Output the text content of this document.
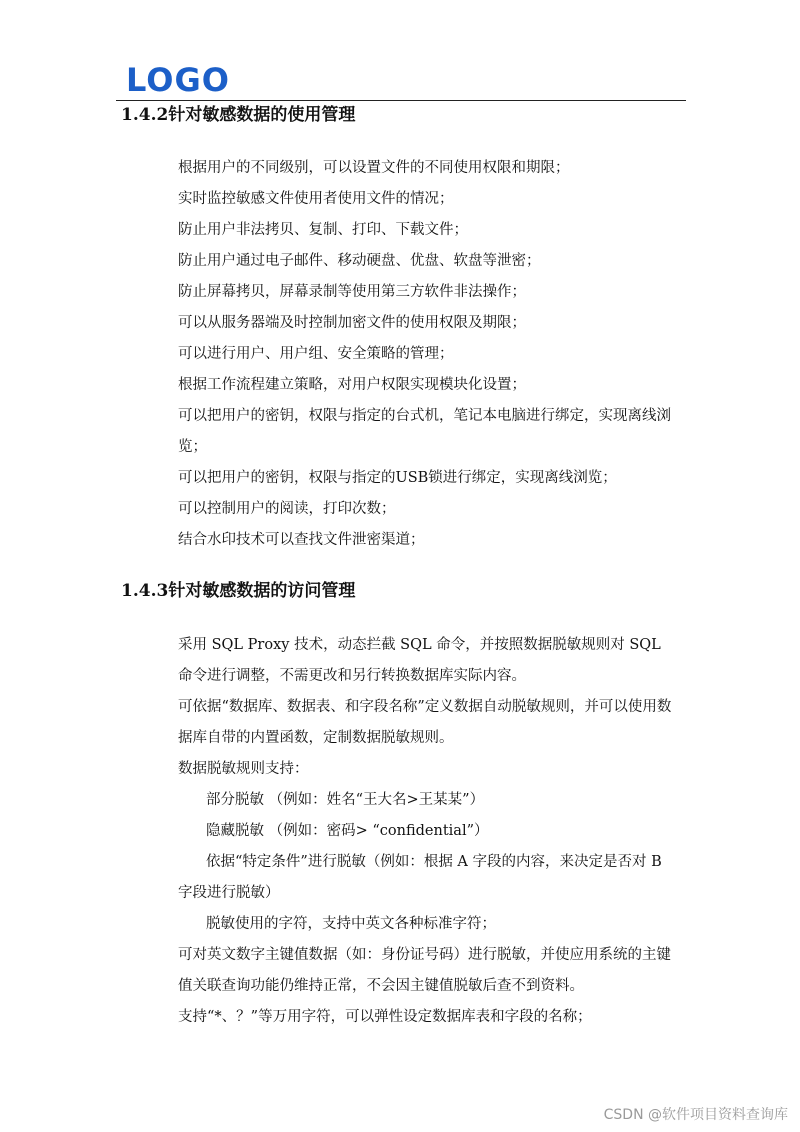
LOGO
1.4.2针对敏感数据的使用管理

根据用户的不同级别，可以设置文件的不同使用权限和期限；

实时监控敏感文件使用者使用文件的情况；

防止用户非法拷贝、复制、打印、下载文件；

防止用户通过电子邮件、移动硬盘、优盘、软盘等泄密；

防止屏幕拷贝，屏幕录制等使用第三方软件非法操作；

可以从服务器端及时控制加密文件的使用权限及期限；

可以进行用户、用户组、安全策略的管理；

根据工作流程建立策略，对用户权限实现模块化设置；

可以把用户的密钥，权限与指定的台式机，笔记本电脑进行绑定，实现离线浏览；

可以把用户的密钥，权限与指定的USB锁进行绑定，实现离线浏览；

可以控制用户的阅读，打印次数；

结合水印技术可以查找文件泄密渠道；

1.4.3针对敏感数据的访问管理

采用 SQL Proxy 技术，动态拦截 SQL 命令，并按照数据脱敏规则对 SQL 命令进行调整，不需更改和另行转换数据库实际内容。

可依据“数据库、数据表、和字段名称”定义数据自动脱敏规则，并可以使用数据库自带的内置函数，定制数据脱敏规则。

数据脱敏规则支持：

部分脱敏 （例如：姓名“王大名>王某某”）

隐藏脱敏 （例如：密码> “confidential”）

依据“特定条件”进行脱敏（例如：根据 A 字段的内容，来决定是否对 B 字段进行脱敏）

脱敏使用的字符，支持中英文各种标准字符；

可对英文数字主键值数据（如：身份证号码）进行脱敏，并使应用系统的主键值关联查询功能仍维持正常，不会因主键值脱敏后查不到资料。

支持“*、？”等万用字符，可以弹性设定数据库表和字段的名称；

CSDN @软件项目资料查询库
